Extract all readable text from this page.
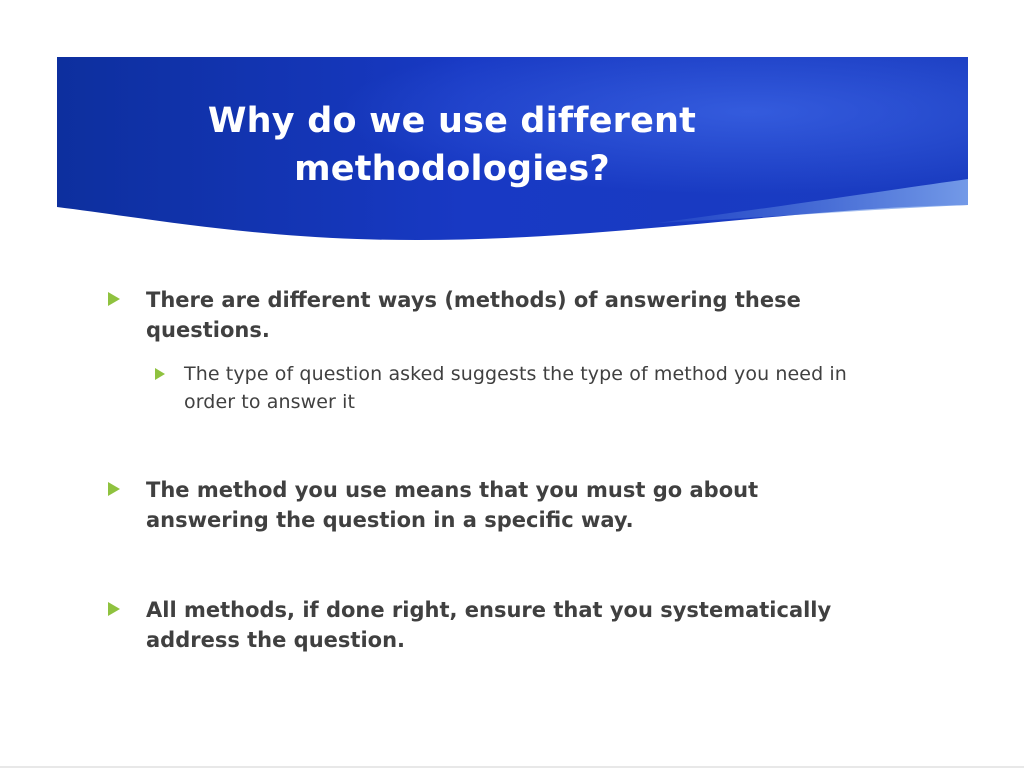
Why do we use different methodologies?

There are different ways (methods) of answering these questions.

The type of question asked suggests the type of method you need in order to answer it

The method you use means that you must go about answering the question in a specific way.

All methods, if done right, ensure that you systematically address the question.
